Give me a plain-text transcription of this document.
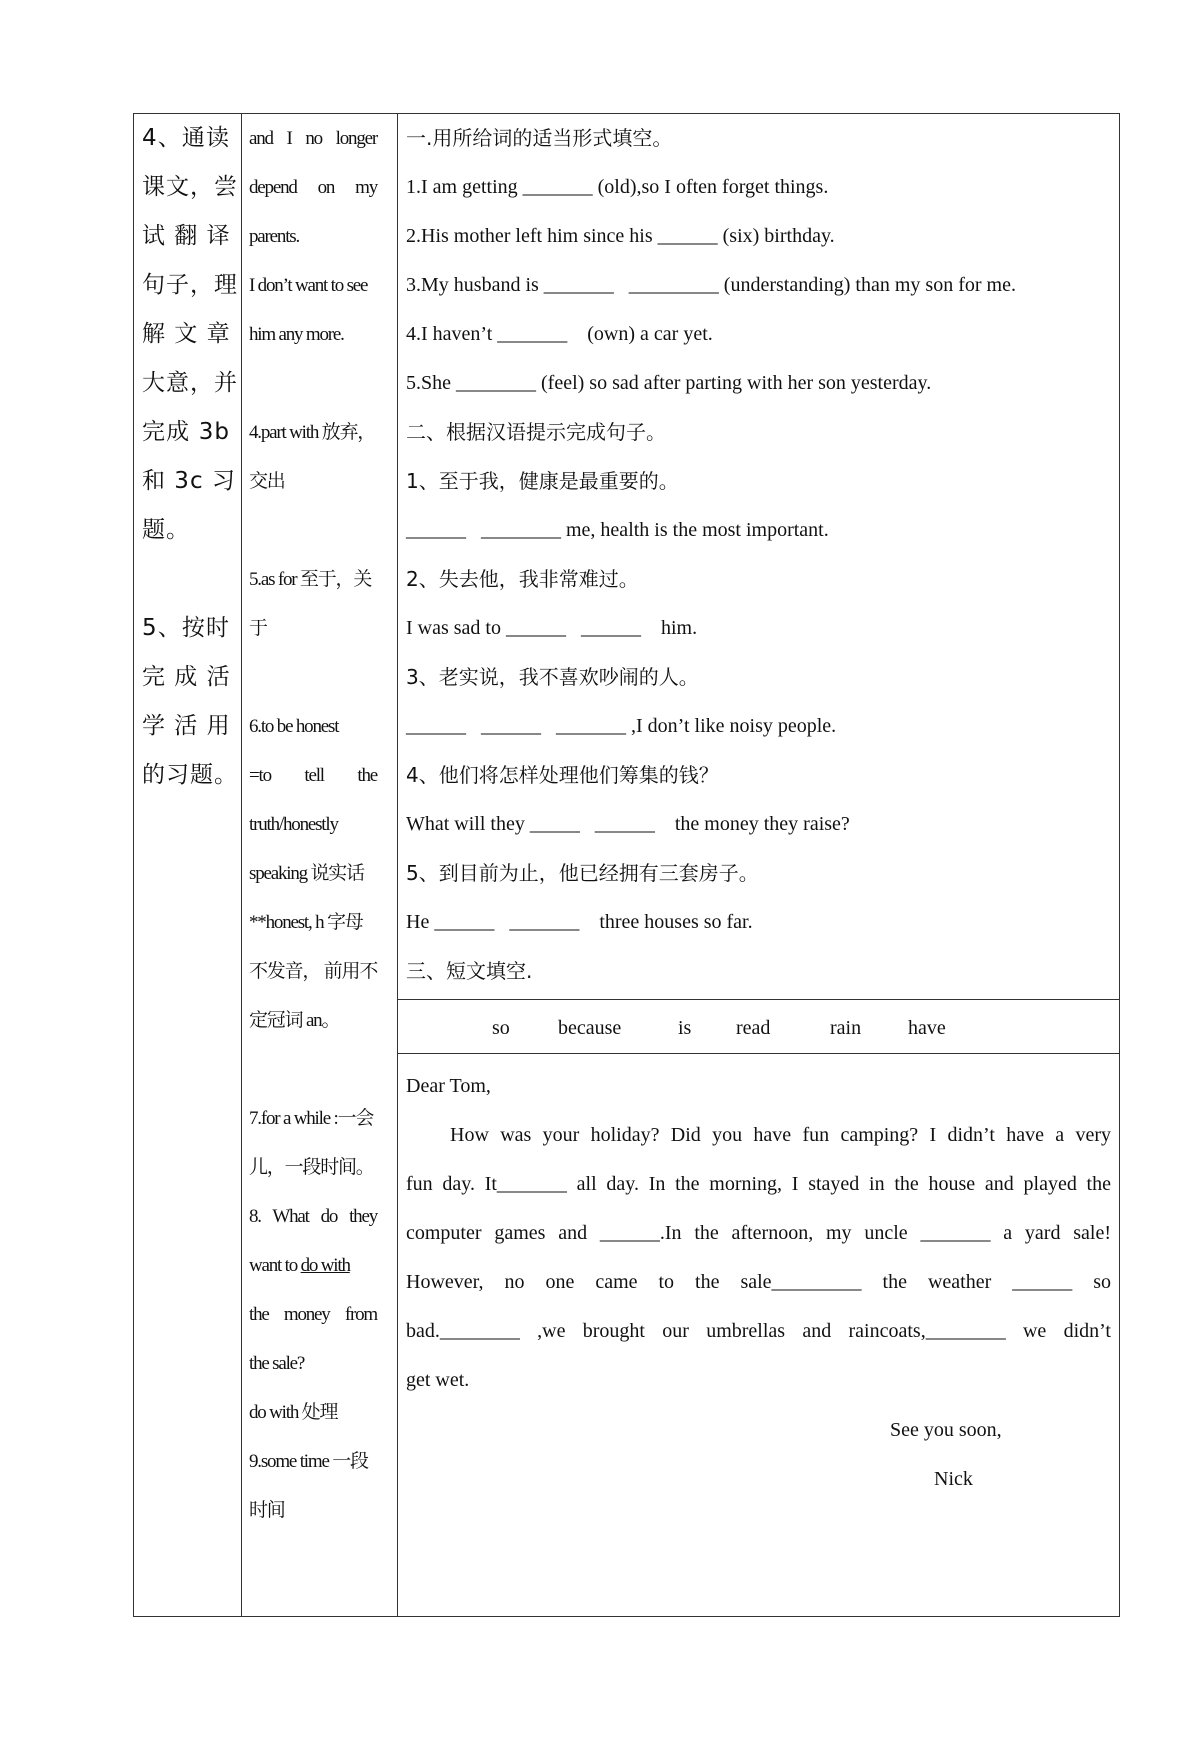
4、通读
课文，尝
试 翻 译
句子，理
解 文 章
大意，并
完成 3b
和 3c 习
题。
5、按时
完 成 活
学 活 用
的习题。
and I no longer
depend on my
parents.
I don’t want to see
him any more.
4.part with 放弃，
交出
5.as for 至于，关
于
6.to be honest
=to tell the
truth/honestly
speaking 说实话
**honest, h 字母
不发音， 前用不
定冠词 an。
7.for a while :一会
儿，一段时间。
8. What do they
want to do with
the money from
the sale?
do with 处理
9.some time 一段
时间
一.用所给词的适当形式填空。
1.I am getting _______ (old),so I often forget things.
2.His mother left him since his ______ (six) birthday.
3.My husband is _______   _________ (understanding) than my son for me.
4.I haven’t _______    (own) a car yet.
5.She ________ (feel) so sad after parting with her son yesterday.
二、根据汉语提示完成句子。
1、至于我，健康是最重要的。
______   ________ me, health is the most important.
2、失去他，我非常难过。
I was sad to ______   ______    him.
3、老实说，我不喜欢吵闹的人。
______   ______   _______ ,I don’t like noisy people.
4、他们将怎样处理他们筹集的钱？
What will they _____   ______    the money they raise?
5、到目前为止，他已经拥有三套房子。
He ______   _______    three houses so far.
三、短文填空.
so because	is read	rain have
Dear Tom,
How was your holiday? Did you have fun camping? I didn’t have a very
fun day. It_______ all day. In the morning, I stayed in the house and played the
computer games and ______.In the afternoon, my uncle _______ a yard sale!
However, no one came to the sale_________ the weather ______ so
bad.________ ,we brought our umbrellas and raincoats,________ we didn’t
get wet.
See you soon,
Nick
